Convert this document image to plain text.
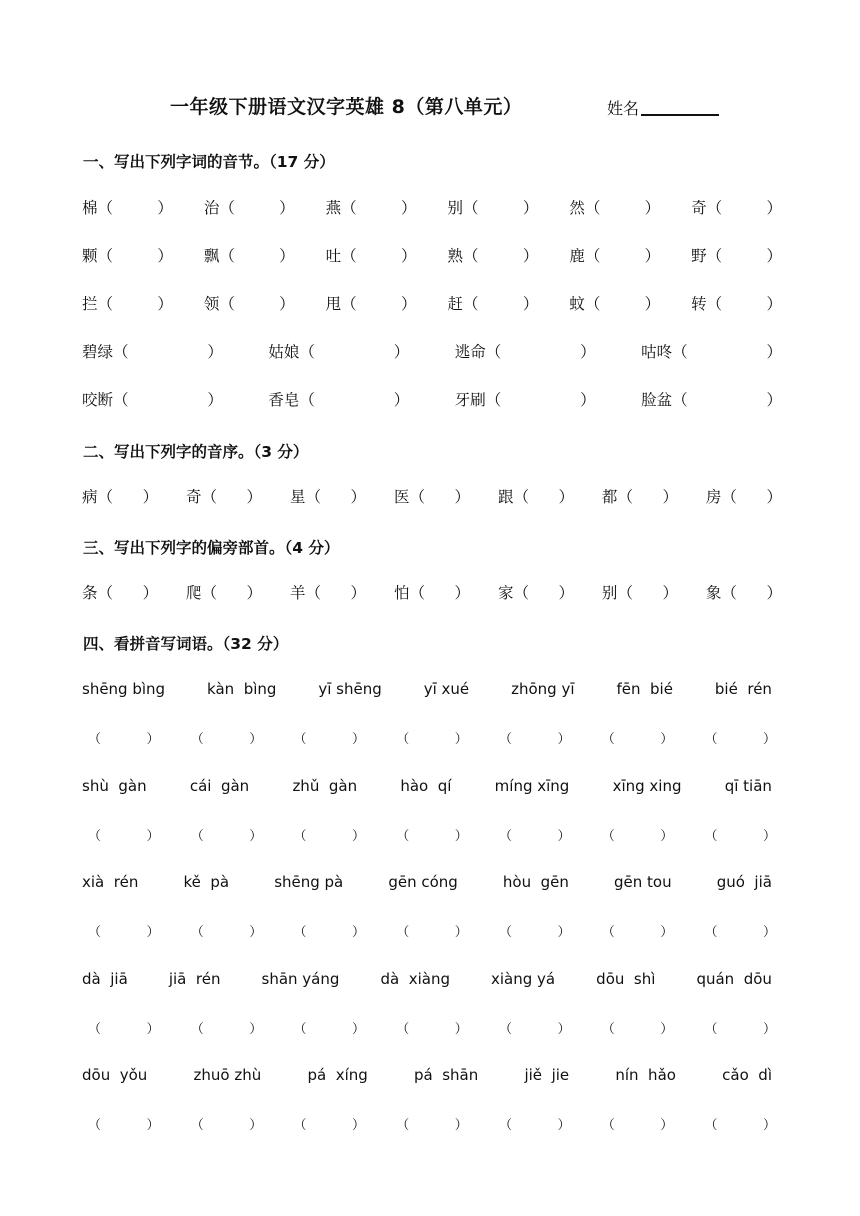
一年级下册语文汉字英雄 8（第八单元）	姓名
一、写出下列字词的音节。（17 分）
棉 （         ） 治 （         ） 燕 （         ） 别 （         ） 然 （         ） 奇 （         ）
颗 （         ） 飘 （         ） 吐 （         ） 熟 （         ） 鹿 （         ） 野 （         ）
拦 （         ） 领 （         ） 甩 （         ） 赶 （         ） 蚊 （         ） 转 （         ）
碧绿 （                ）	姑娘 （                ）	逃命 （                ）	咕咚 （                ）
咬断 （                ）	香皂 （                ）	牙刷 （                ）	脸盆 （                ）
二、写出下列字的音序。（3 分）
病 （      ） 奇 （      ） 星 （      ） 医 （      ） 跟 （      ） 都 （      ） 房 （      ）
三、写出下列字的偏旁部首。（4 分）
条 （      ） 爬 （      ） 羊 （      ） 怕 （      ） 家 （      ） 别 （      ） 象 （      ）
四、看拼音写词语。（32 分）
shēng bìng	kàn  bìng	yī shēng	yī xué	zhōng yī	fēn  bié	bié  rén
（           ） （           ） （           ） （           ） （           ） （           ） （           ）
shù  gàn	cái  gàn	zhǔ  gàn	hào  qí	míng xīng	xīng xing	qī tiān
（           ） （           ） （           ） （           ） （           ） （           ） （           ）
xià  rén	kě  pà	shēng pà	gēn cóng	hòu  gēn	gēn tou	guó  jiā
（           ） （           ） （           ） （           ） （           ） （           ） （           ）
dà  jiā	jiā  rén	shān yáng	dà  xiàng	xiàng yá	dōu  shì	quán  dōu
（           ） （           ） （           ） （           ） （           ） （           ） （           ）
dōu  yǒu	zhuō zhù	pá  xíng	pá  shān	jiě  jie	nín  hǎo	cǎo  dì
（           ） （           ） （           ） （           ） （           ） （           ） （           ）
